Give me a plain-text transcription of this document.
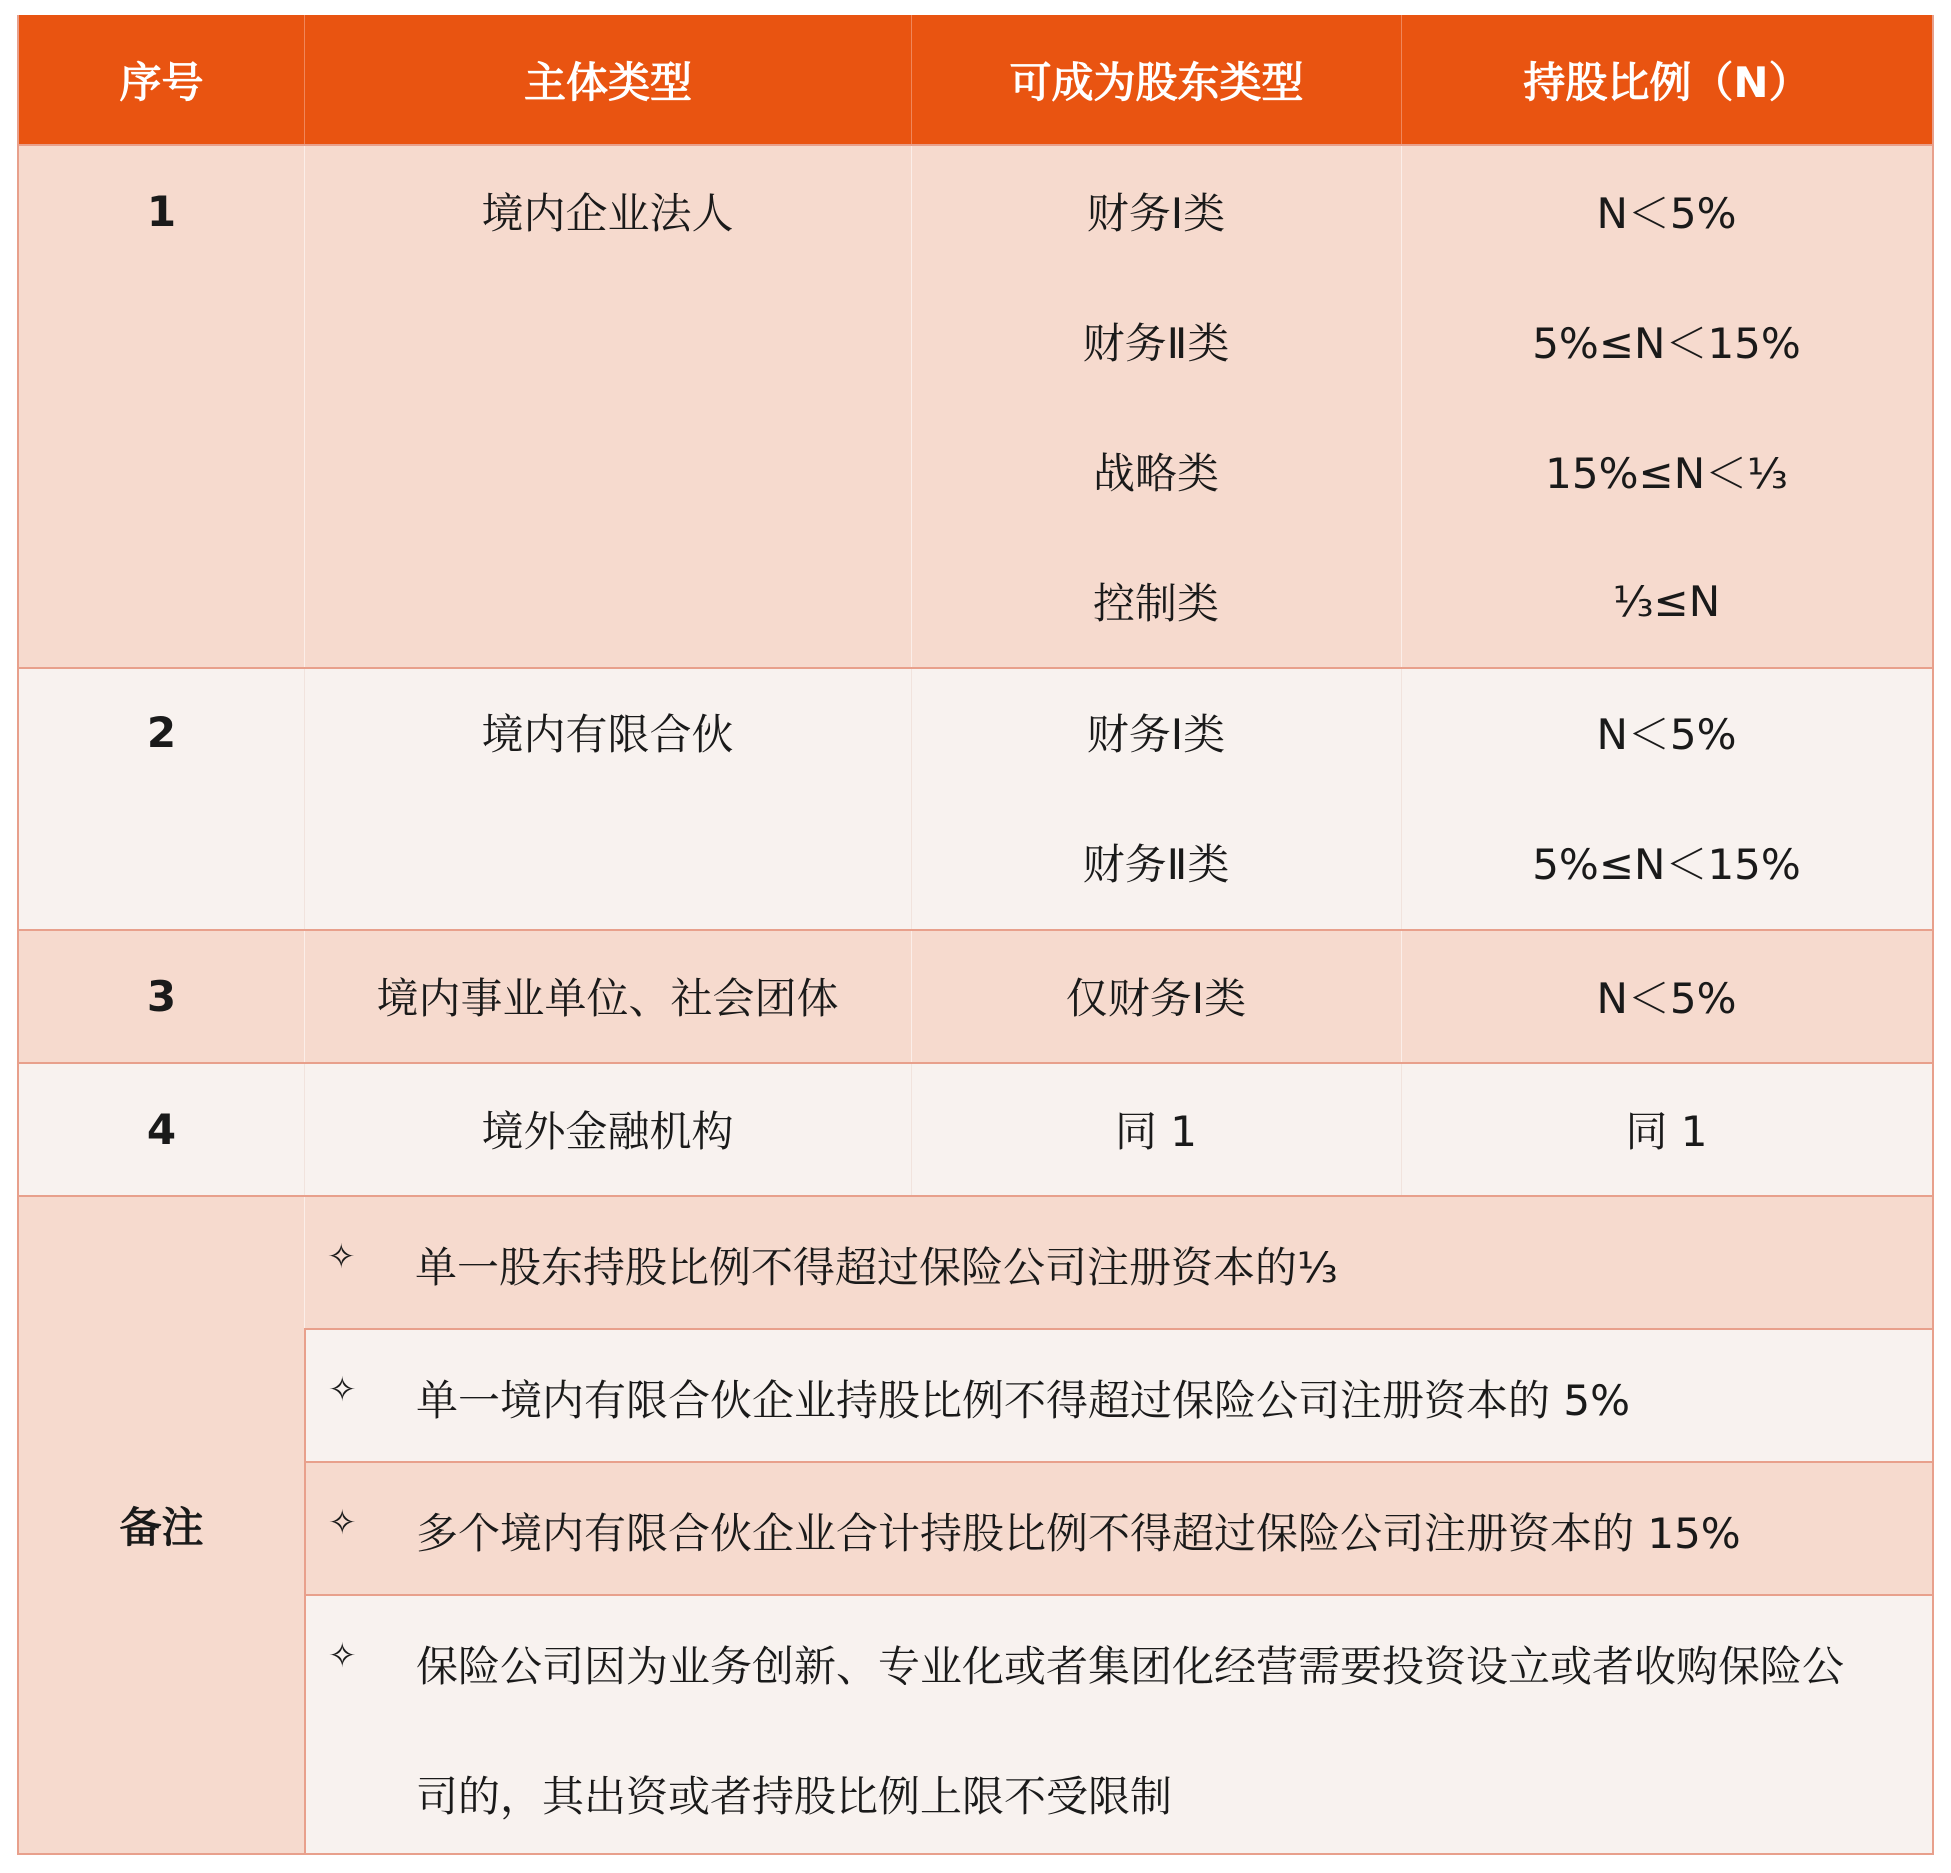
序号	主体类型	可成为股东类型	持股比例（N）
1	境内企业法人	财务Ⅰ类	N＜5%
财务Ⅱ类	5%≤N＜15%
战略类	15%≤N＜⅓
控制类	⅓≤N
2	境内有限合伙	财务Ⅰ类	N＜5%
财务Ⅱ类	5%≤N＜15%
3	境内事业单位、社会团体	仅财务Ⅰ类	N＜5%
4	境外金融机构	同 1	同 1
备注
✧ 单一股东持股比例不得超过保险公司注册资本的⅓
✧ 单一境内有限合伙企业持股比例不得超过保险公司注册资本的 5%
✧ 多个境内有限合伙企业合计持股比例不得超过保险公司注册资本的 15%
✧ 保险公司因为业务创新、专业化或者集团化经营需要投资设立或者收购保险公
司的，其出资或者持股比例上限不受限制
